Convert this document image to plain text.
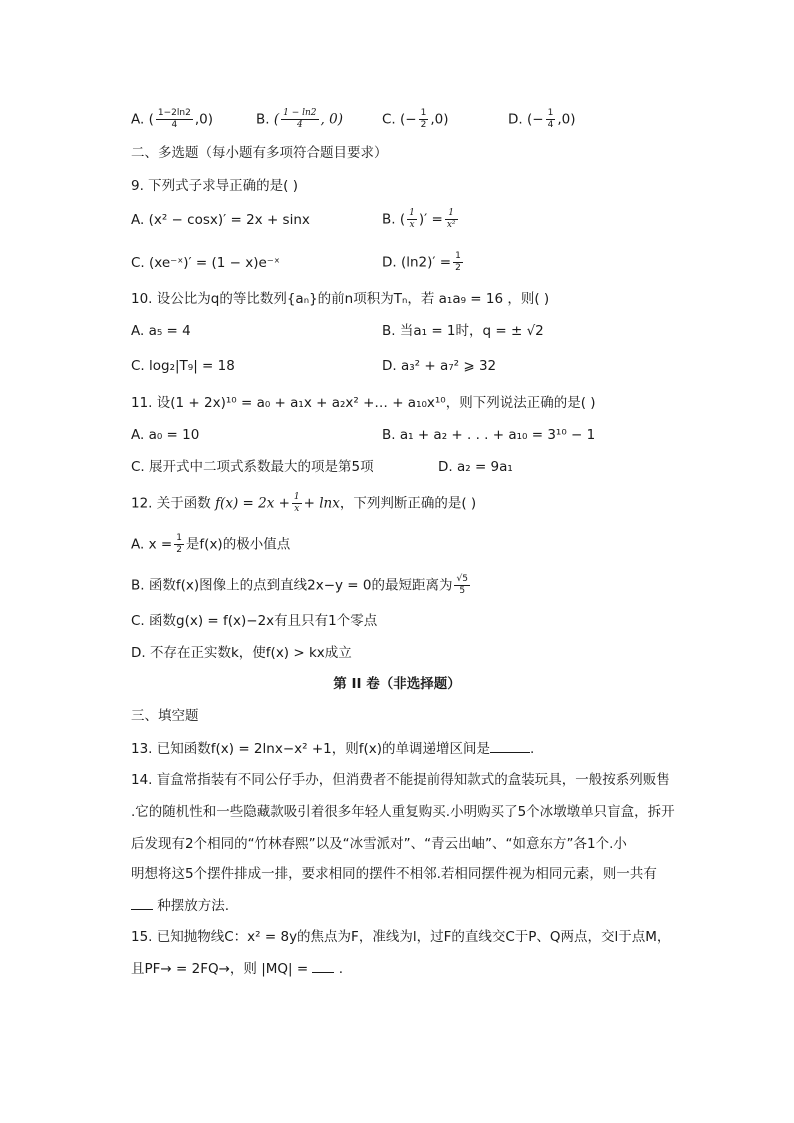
A. ( $\frac{1-2\ln 2}{4} ,0$)	B. ( $\frac{1 - \ln 2}{4}$ , 0)	C. (− $\frac{1}{2} ,0$)	D. (− $\frac{1}{4} ,0$)
二、多选题（每小题有多项符合题目要求）
9. 下列式子求导正确的是( )
A. (x² − cosx)′ = 2x + sinx	B. ( $\frac{1}{x}$ )′ = $\frac{1}{\text{x²}}$
C. (xe⁻ˣ)′ = (1 − x)e⁻ˣ	D. $(\ln 2)' = \frac{1}{2}$
10. 设公比为q的等比数列{aₙ}的前n项积为Tₙ，若 a₁a₉ = 16 ，则( )
A. a₅ = 4	B. 当a₁ = 1时，q = ± √2
C. log₂|T₉| = 18	D. a₃² + a₇² ⩾ 32
11. 设(1 + 2x)¹⁰ = a₀ + a₁x + a₂x² +… + a₁₀x¹⁰，则下列说法正确的是( )
A. a₀ = 10	B. a₁ + a₂ + . . . + a₁₀ = 3¹⁰ − 1
C. 展开式中二项式系数最大的项是第5项	D. a₂ = 9a₁
12. 关于函数 $f(x) = 2x + \frac{1}{x} + \ln x$，下列判断正确的是( )
A. $x = \frac{1}{2}$ 是f(x)的极小值点
B. 函数f(x)图像上的点到直线2x−y = 0的最短距离为 $\frac{√5}{5}$
C. 函数g(x) = f(x)−2x有且只有1个零点
D. 不存在正实数k，使f(x) > kx成立
第 II 卷（非选择题）
三、填空题
13. 已知函数f(x) = 2lnx−x² +1，则f(x)的单调递增区间是	.
14. 盲盒常指装有不同公仔手办，但消费者不能提前得知款式的盒装玩具，一般按系列贩售
.它的随机性和一些隐藏款吸引着很多年轻人重复购买.小明购买了5个冰墩墩单只盲盒，拆开
后发现有2个相同的“竹林春熙”以及“冰雪派对”、“青云出岫”、“如意东方”各1个.小
明想将这5个摆件排成一排，要求相同的摆件不相邻.若相同摆件视为相同元素，则一共有
种摆放方法.
15. 已知抛物线C：x² = 8y的焦点为F，准线为l，过F的直线交C于P、Q两点，交l于点M，
且PF→ = 2FQ→，则 |MQ| = .
